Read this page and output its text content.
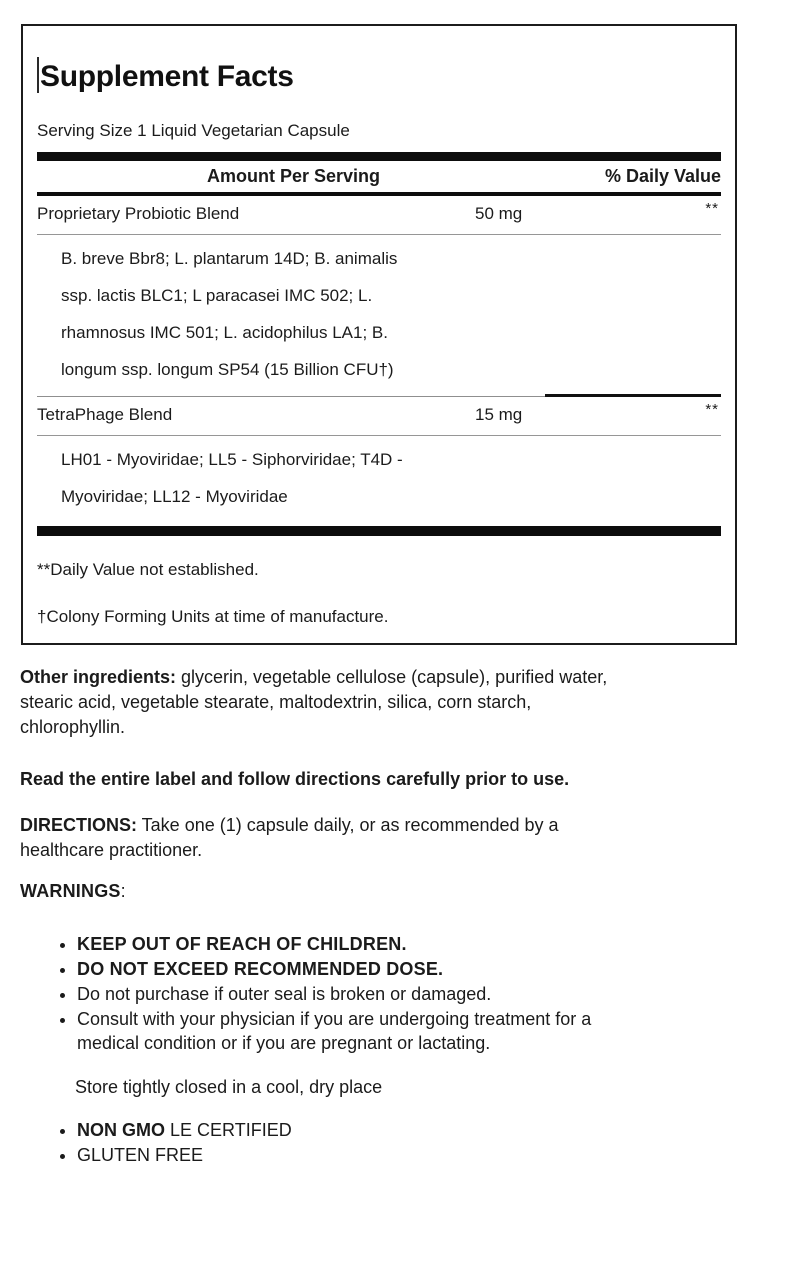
Supplement Facts
Serving Size 1 Liquid Vegetarian Capsule
Amount Per Serving	% Daily Value
Proprietary Probiotic Blend	50 mg	**
B. breve Bbr8; L. plantarum 14D; B. animalis
ssp. lactis BLC1; L paracasei IMC 502; L.
rhamnosus IMC 501; L. acidophilus LA1; B.
longum ssp. longum SP54 (15 Billion CFU†)
TetraPhage Blend	15 mg	**
LH01 - Myoviridae; LL5 - Siphorviridae; T4D -
Myoviridae; LL12 - Myoviridae
**Daily Value not established.
†Colony Forming Units at time of manufacture.
Other ingredients: glycerin, vegetable cellulose (capsule), purified water,
stearic acid, vegetable stearate, maltodextrin, silica, corn starch,
chlorophyllin.
Read the entire label and follow directions carefully prior to use.
DIRECTIONS: Take one (1) capsule daily, or as recommended by a
healthcare practitioner.
WARNINGS:
• KEEP OUT OF REACH OF CHILDREN.
• DO NOT EXCEED RECOMMENDED DOSE.
• Do not purchase if outer seal is broken or damaged.
• Consult with your physician if you are undergoing treatment for a
medical condition or if you are pregnant or lactating.
Store tightly closed in a cool, dry place
• NON GMO LE CERTIFIED
• GLUTEN FREE
